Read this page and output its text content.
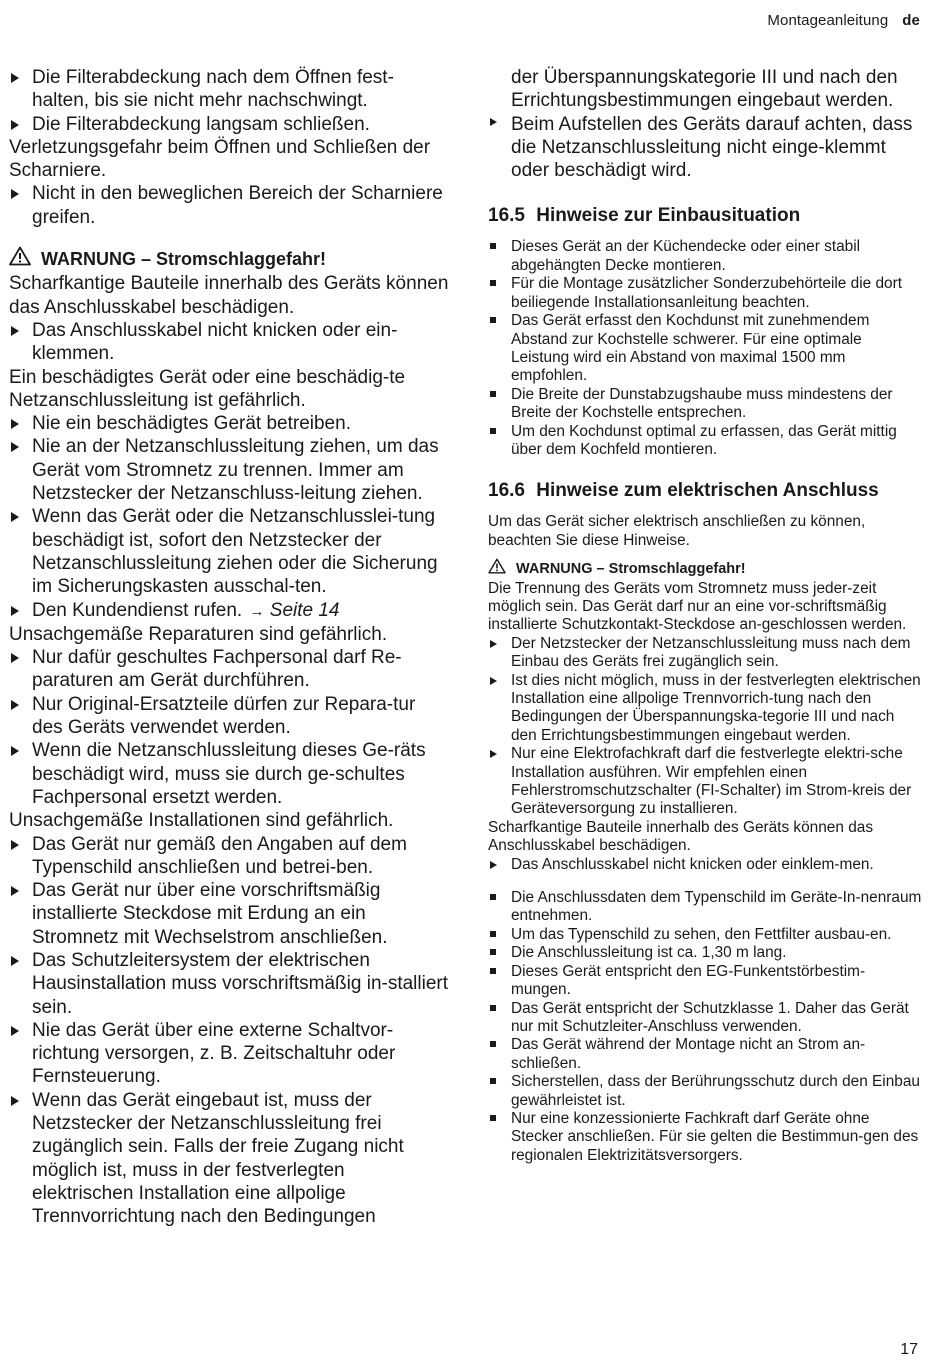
Montageanleitung de

Die Filterabdeckung nach dem Öffnen fest-halten, bis sie nicht mehr nachschwingt.

Die Filterabdeckung langsam schließen.

Verletzungsgefahr beim Öffnen und Schließen der Scharniere.

Nicht in den beweglichen Bereich der Scharniere greifen.

WARNUNG – Stromschlaggefahr!

Scharfkantige Bauteile innerhalb des Geräts können das Anschlusskabel beschädigen.

Das Anschlusskabel nicht knicken oder ein-klemmen.

Ein beschädigtes Gerät oder eine beschädig-te Netzanschlussleitung ist gefährlich.

Nie ein beschädigtes Gerät betreiben.

Nie an der Netzanschlussleitung ziehen, um das Gerät vom Stromnetz zu trennen. Immer am Netzstecker der Netzanschluss-leitung ziehen.

Wenn das Gerät oder die Netzanschlusslei-tung beschädigt ist, sofort den Netzstecker der Netzanschlussleitung ziehen oder die Sicherung im Sicherungskasten ausschal-ten.

Den Kundendienst rufen. → Seite 14

Unsachgemäße Reparaturen sind gefährlich.

Nur dafür geschultes Fachpersonal darf Re-paraturen am Gerät durchführen.

Nur Original-Ersatzteile dürfen zur Repara-tur des Geräts verwendet werden.

Wenn die Netzanschlussleitung dieses Ge-räts beschädigt wird, muss sie durch ge-schultes Fachpersonal ersetzt werden.

Unsachgemäße Installationen sind gefährlich.

Das Gerät nur gemäß den Angaben auf dem Typenschild anschließen und betrei-ben.

Das Gerät nur über eine vorschriftsmäßig installierte Steckdose mit Erdung an ein Stromnetz mit Wechselstrom anschließen.

Das Schutzleitersystem der elektrischen Hausinstallation muss vorschriftsmäßig in-stalliert sein.

Nie das Gerät über eine externe Schaltvor-richtung versorgen, z. B. Zeitschaltuhr oder Fernsteuerung.

Wenn das Gerät eingebaut ist, muss der Netzstecker der Netzanschlussleitung frei zugänglich sein. Falls der freie Zugang nicht möglich ist, muss in der festverlegten elektrischen Installation eine allpolige Trennvorrichtung nach den Bedingungen

der Überspannungskategorie III und nach den Errichtungsbestimmungen eingebaut werden.

Beim Aufstellen des Geräts darauf achten, dass die Netzanschlussleitung nicht einge-klemmt oder beschädigt wird.

16.5 Hinweise zur Einbausituation

Dieses Gerät an der Küchendecke oder einer stabil abgehängten Decke montieren.

Für die Montage zusätzlicher Sonderzubehörteile die dort beiliegende Installationsanleitung beachten.

Das Gerät erfasst den Kochdunst mit zunehmendem Abstand zur Kochstelle schwerer. Für eine optimale Leistung wird ein Abstand von maximal 1500 mm empfohlen.

Die Breite der Dunstabzugshaube muss mindestens der Breite der Kochstelle entsprechen.

Um den Kochdunst optimal zu erfassen, das Gerät mittig über dem Kochfeld montieren.

16.6 Hinweise zum elektrischen Anschluss

Um das Gerät sicher elektrisch anschließen zu können, beachten Sie diese Hinweise.

WARNUNG – Stromschlaggefahr!

Die Trennung des Geräts vom Stromnetz muss jeder-zeit möglich sein. Das Gerät darf nur an eine vor-schriftsmäßig installierte Schutzkontakt-Steckdose an-geschlossen werden.

Der Netzstecker der Netzanschlussleitung muss nach dem Einbau des Geräts frei zugänglich sein.

Ist dies nicht möglich, muss in der festverlegten elektrischen Installation eine allpolige Trennvorrich-tung nach den Bedingungen der Überspannungska-tegorie III und nach den Errichtungsbestimmungen eingebaut werden.

Nur eine Elektrofachkraft darf die festverlegte elektri-sche Installation ausführen. Wir empfehlen einen Fehlerstromschutzschalter (FI-Schalter) im Strom-kreis der Geräteversorgung zu installieren.

Scharfkantige Bauteile innerhalb des Geräts können das Anschlusskabel beschädigen.

Das Anschlusskabel nicht knicken oder einklem-men.

Die Anschlussdaten dem Typenschild im Geräte-In-nenraum entnehmen.

Um das Typenschild zu sehen, den Fettfilter ausbau-en.

Die Anschlussleitung ist ca. 1,30 m lang.

Dieses Gerät entspricht den EG-Funkentstörbestim-mungen.

Das Gerät entspricht der Schutzklasse 1. Daher das Gerät nur mit Schutzleiter-Anschluss verwenden.

Das Gerät während der Montage nicht an Strom an-schließen.

Sicherstellen, dass der Berührungsschutz durch den Einbau gewährleistet ist.

Nur eine konzessionierte Fachkraft darf Geräte ohne Stecker anschließen. Für sie gelten die Bestimmun-gen des regionalen Elektrizitätsversorgers.

17
